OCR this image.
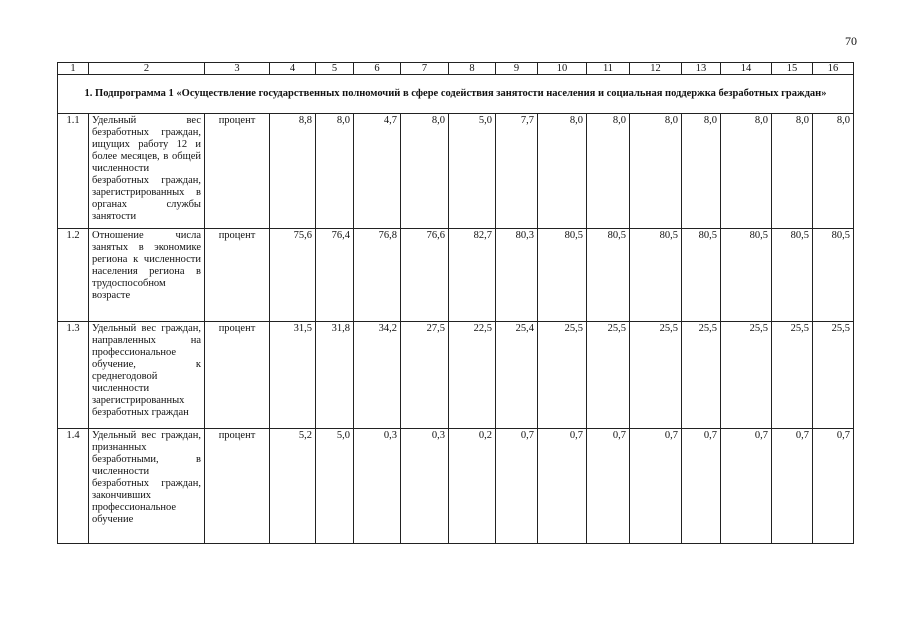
70
1	2	3	4	5	6	7	8	9	10	11	12	13	14	15	16
1. Подпрограмма 1 «Осуществление государственных полномочий в сфере содействия занятости населения и социальная поддержка безработных граждан»															
1.1	Удельный вес безработных граждан, ищущих работу 12 и более месяцев, в общей численности безработных граждан, зарегистрированных в органах службы занятости	процент	8,8	8,0	4,7	8,0	5,0	7,7	8,0	8,0	8,0	8,0	8,0	8,0	8,0
1.2	Отношение числа занятых в экономике региона к численности населения региона в трудоспособном возрасте	процент	75,6	76,4	76,8	76,6	82,7	80,3	80,5	80,5	80,5	80,5	80,5	80,5	80,5
1.3	Удельный вес граждан, направленных на профессиональное обучение, к среднегодовой численности зарегистрированных безработных граждан	процент	31,5	31,8	34,2	27,5	22,5	25,4	25,5	25,5	25,5	25,5	25,5	25,5	25,5
1.4	Удельный вес граждан, признанных безработными, в численности безработных граждан, закончивших профессиональное обучение	процент	5,2	5,0	0,3	0,3	0,2	0,7	0,7	0,7	0,7	0,7	0,7	0,7	0,7
